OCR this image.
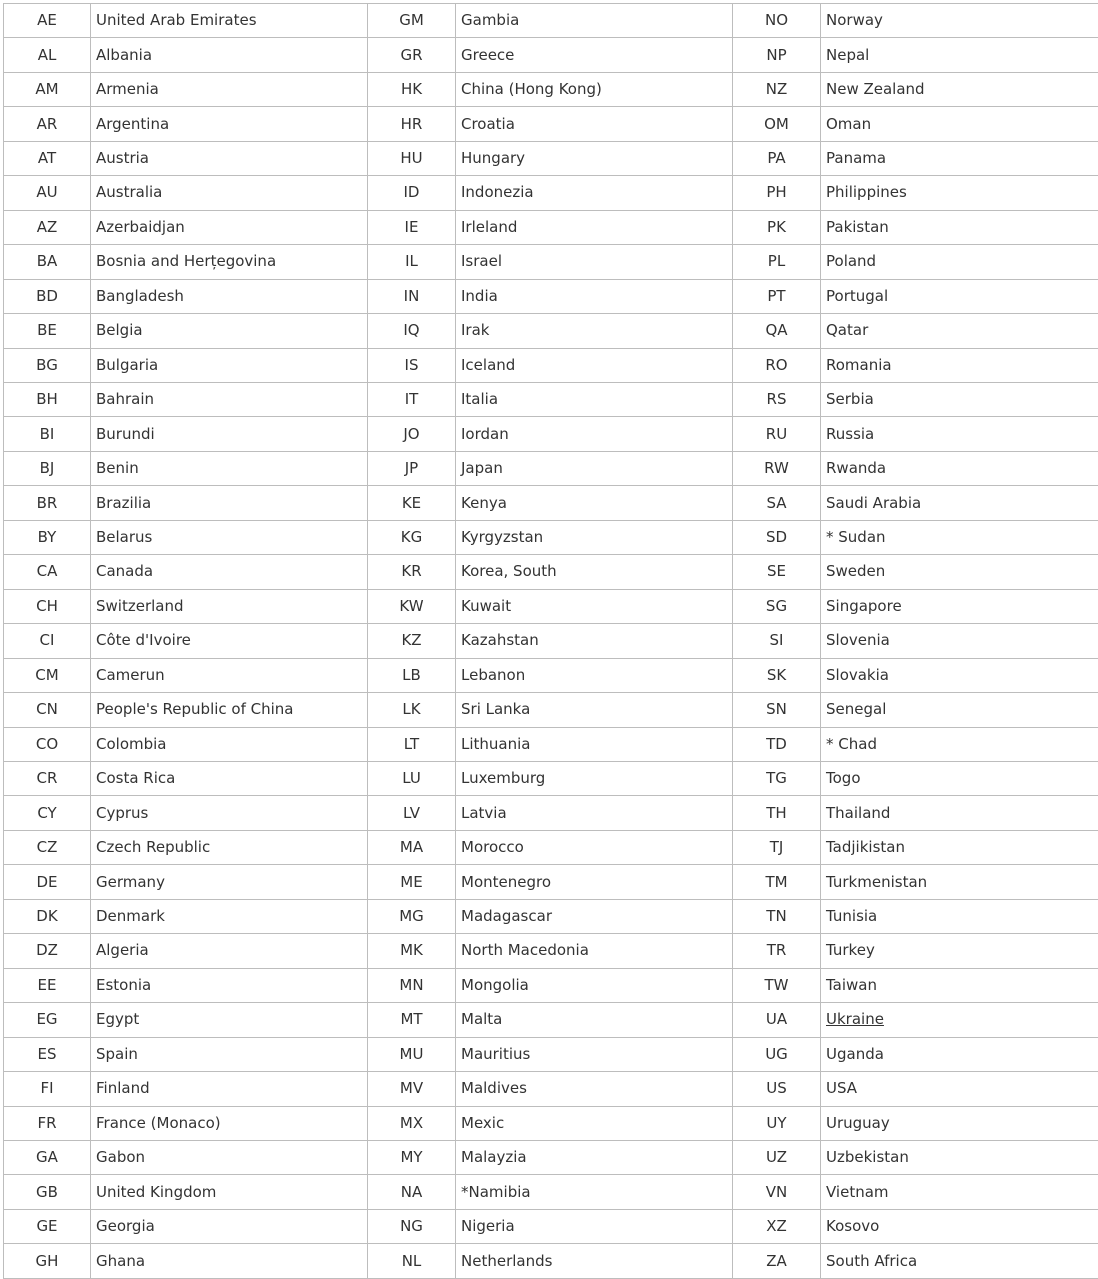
AE	United Arab Emirates	GM	Gambia	NO	Norway
AL	Albania	GR	Greece	NP	Nepal
AM	Armenia	HK	China (Hong Kong)	NZ	New Zealand
AR	Argentina	HR	Croatia	OM	Oman
AT	Austria	HU	Hungary	PA	Panama
AU	Australia	ID	Indonezia	PH	Philippines
AZ	Azerbaidjan	IE	Irleland	PK	Pakistan
BA	Bosnia and Herțegovina	IL	Israel	PL	Poland
BD	Bangladesh	IN	India	PT	Portugal
BE	Belgia	IQ	Irak	QA	Qatar
BG	Bulgaria	IS	Iceland	RO	Romania
BH	Bahrain	IT	Italia	RS	Serbia
BI	Burundi	JO	Iordan	RU	Russia
BJ	Benin	JP	Japan	RW	Rwanda
BR	Brazilia	KE	Kenya	SA	Saudi Arabia
BY	Belarus	KG	Kyrgyzstan	SD	* Sudan
CA	Canada	KR	Korea, South	SE	Sweden
CH	Switzerland	KW	Kuwait	SG	Singapore
CI	Côte d'Ivoire	KZ	Kazahstan	SI	Slovenia
CM	Camerun	LB	Lebanon	SK	Slovakia
CN	People's Republic of China	LK	Sri Lanka	SN	Senegal
CO	Colombia	LT	Lithuania	TD	* Chad
CR	Costa Rica	LU	Luxemburg	TG	Togo
CY	Cyprus	LV	Latvia	TH	Thailand
CZ	Czech Republic	MA	Morocco	TJ	Tadjikistan
DE	Germany	ME	Montenegro	TM	Turkmenistan
DK	Denmark	MG	Madagascar	TN	Tunisia
DZ	Algeria	MK	North Macedonia	TR	Turkey
EE	Estonia	MN	Mongolia	TW	Taiwan
EG	Egypt	MT	Malta	UA	Ukraine
ES	Spain	MU	Mauritius	UG	Uganda
FI	Finland	MV	Maldives	US	USA
FR	France (Monaco)	MX	Mexic	UY	Uruguay
GA	Gabon	MY	Malayzia	UZ	Uzbekistan
GB	United Kingdom	NA	*Namibia	VN	Vietnam
GE	Georgia	NG	Nigeria	XZ	Kosovo
GH	Ghana	NL	Netherlands	ZA	South Africa
